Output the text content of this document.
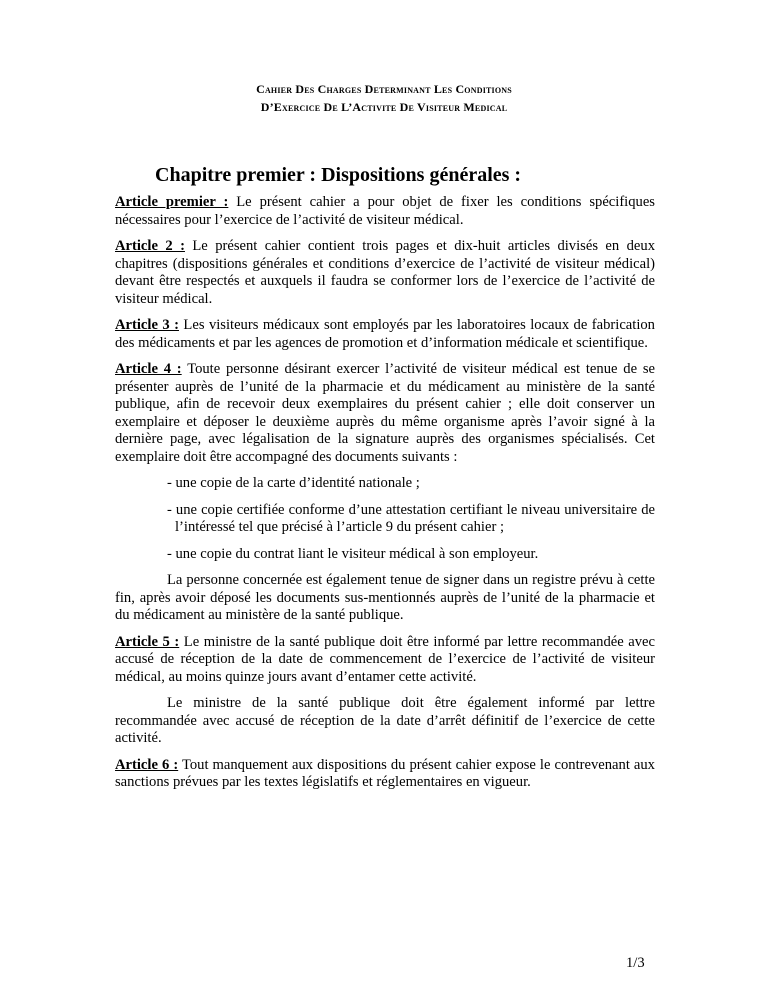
Cahier Des Charges Determinant Les Conditions
D’Exercice De L’Activite De Visiteur Medical
Chapitre premier : Dispositions générales :

Article premier : Le présent cahier a pour objet de fixer les conditions spécifiques nécessaires pour l’exercice de l’activité de visiteur médical.

Article 2 : Le présent cahier contient trois pages et dix-huit articles divisés en deux chapitres (dispositions générales et conditions d’exercice de l’activité de visiteur médical) devant être respectés et auxquels il faudra se conformer lors de l’exercice de l’activité de visiteur médical.

Article 3 : Les visiteurs médicaux sont employés par les laboratoires locaux de fabrication des médicaments et par les agences de promotion et d’information médicale et scientifique.

Article 4 : Toute personne désirant exercer l’activité de visiteur médical est tenue de se présenter auprès de l’unité de la pharmacie et du médicament au ministère de la santé publique, afin de recevoir deux exemplaires du présent cahier ; elle doit conserver un exemplaire et déposer le deuxième auprès du même organisme après l’avoir signé à la dernière page, avec légalisation de la signature auprès des organismes spécialisés. Cet exemplaire doit être accompagné des documents suivants :

- une copie de la carte d’identité nationale ;

- une copie certifiée conforme d’une attestation certifiant le niveau universitaire de l’intéressé tel que précisé à l’article 9 du présent cahier ;

- une copie du contrat liant le visiteur médical à son employeur.

La personne concernée est également tenue de signer dans un registre prévu à cette fin, après avoir déposé les documents sus-mentionnés auprès de l’unité de la pharmacie et du médicament au ministère de la santé publique.

Article 5 : Le ministre de la santé publique doit être informé par lettre recommandée avec accusé de réception de la date de commencement de l’exercice de l’activité de visiteur médical, au moins quinze jours avant d’entamer cette activité.

Le ministre de la santé publique doit être également informé par lettre recommandée avec accusé de réception de la date d’arrêt définitif de l’exercice de cette activité.

Article 6 : Tout manquement aux dispositions du présent cahier expose le contrevenant aux sanctions prévues par les textes législatifs et réglementaires en vigueur.

1/3
